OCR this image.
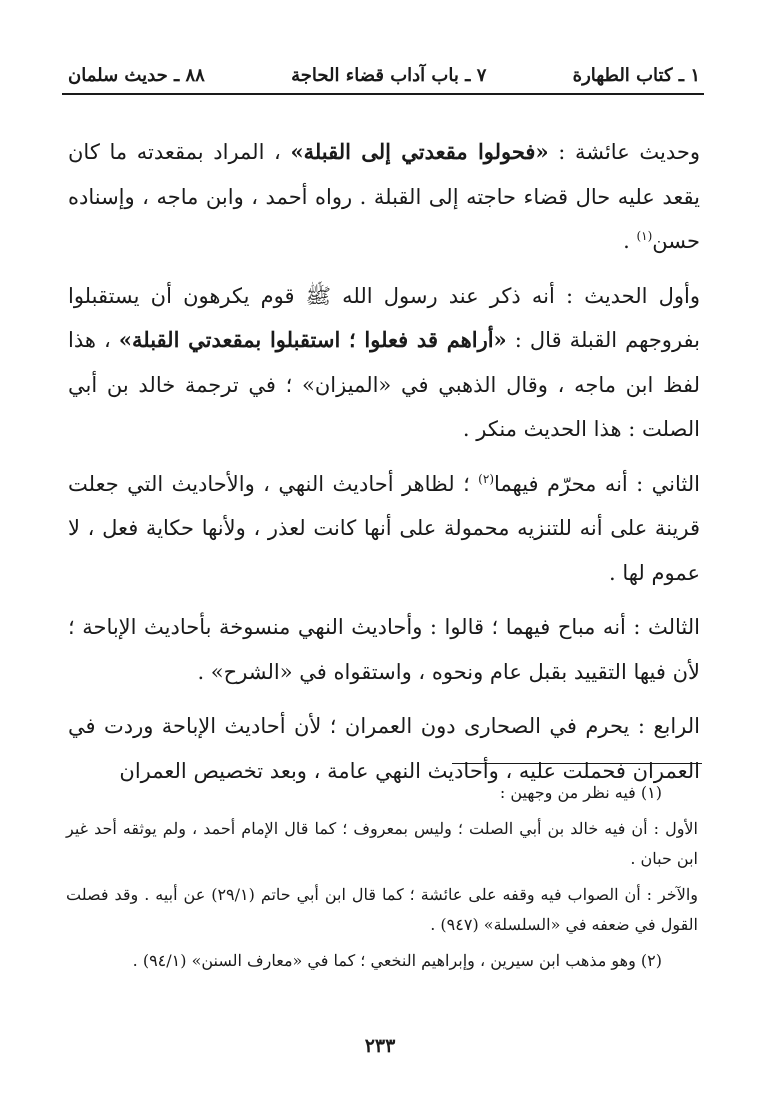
١ ـ كتاب الطهارة
٧ ـ باب آداب قضاء الحاجة
٨٨ ـ حديث سلمان

وحديث عائشة : «فحولوا مقعدتي إلى القبلة» ، المراد بمقعدته ما كان يقعد عليه حال قضاء حاجته إلى القبلة . رواه أحمد ، وابن ماجه ، وإسناده حسن$^{(١)}$ .

وأول الحديث : أنه ذكر عند رسول الله ﷺ قوم يكرهون أن يستقبلوا بفروجهم القبلة قال : «أراهم قد فعلوا ؛ استقبلوا بمقعدتي القبلة» ، هذا لفظ ابن ماجه ، وقال الذهبي في «الميزان» ؛ في ترجمة خالد بن أبي الصلت : هذا الحديث منكر .

الثاني : أنه محرّم فيهما$^{(٢)}$ ؛ لظاهر أحاديث النهي ، والأحاديث التي جعلت قرينة على أنه للتنزيه محمولة على أنها كانت لعذر ، ولأنها حكاية فعل ، لا عموم لها .

الثالث : أنه مباح فيهما ؛ قالوا : وأحاديث النهي منسوخة بأحاديث الإباحة ؛ لأن فيها التقييد بقبل عام ونحوه ، واستقواه في «الشرح» .

الرابع : يحرم في الصحارى دون العمران ؛ لأن أحاديث الإباحة وردت في العمران فحملت عليه ، وأحاديث النهي عامة ، وبعد تخصيص العمران

(١) فيه نظر من وجهين :

الأول : أن فيه خالد بن أبي الصلت ؛ وليس بمعروف ؛ كما قال الإمام أحمد ، ولم يوثقه أحد غير ابن حبان .

والآخر : أن الصواب فيه وقفه على عائشة ؛ كما قال ابن أبي حاتم (٢٩/١) عن أبيه . وقد فصلت القول في ضعفه في «السلسلة» (٩٤٧) .

(٢) وهو مذهب ابن سيرين ، وإبراهيم النخعي ؛ كما في «معارف السنن» (٩٤/١) .

٢٣٣
